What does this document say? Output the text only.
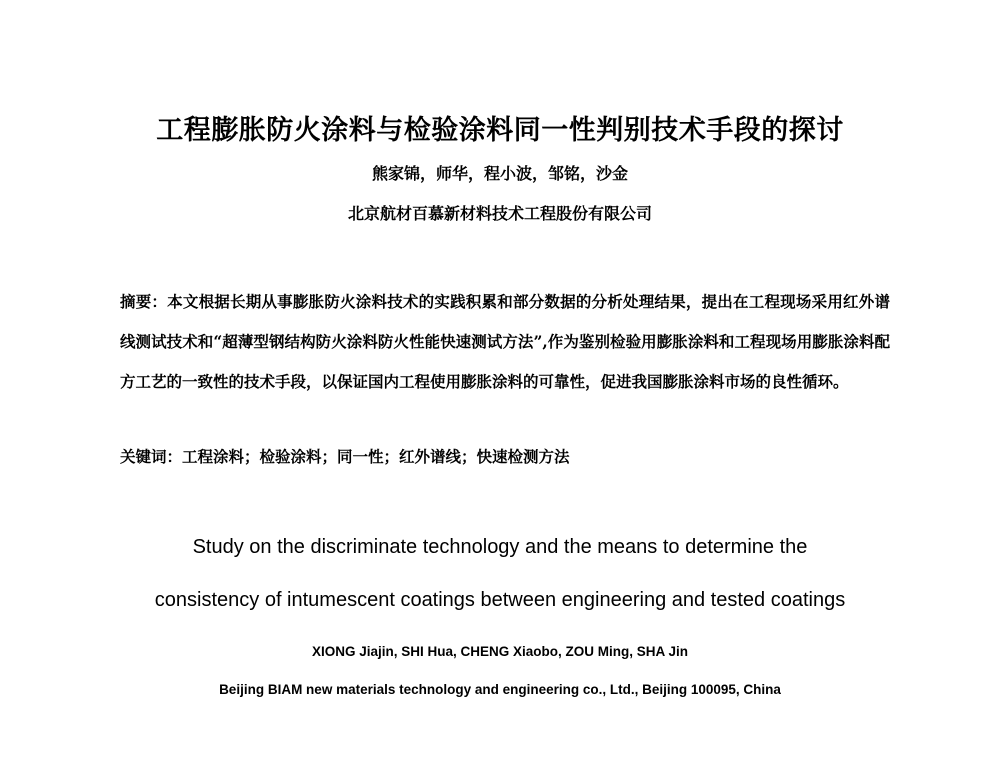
工程膨胀防火涂料与检验涂料同一性判别技术手段的探讨
熊家锦，师华，程小波，邹铭，沙金
北京航材百慕新材料技术工程股份有限公司
摘要：本文根据长期从事膨胀防火涂料技术的实践积累和部分数据的分析处理结果，提出在工程现场采用红外谱线测试技术和“超薄型钢结构防火涂料防火性能快速测试方法”,作为鉴别检验用膨胀涂料和工程现场用膨胀涂料配方工艺的一致性的技术手段，以保证国内工程使用膨胀涂料的可靠性，促进我国膨胀涂料市场的良性循环。
关键词：工程涂料；检验涂料；同一性；红外谱线；快速检测方法
Study on the discriminate technology and the means to determine the
consistency of intumescent coatings between engineering and tested coatings
XIONG Jiajin, SHI Hua, CHENG Xiaobo, ZOU Ming, SHA Jin
Beijing BIAM new materials technology and engineering co., Ltd., Beijing 100095, China
